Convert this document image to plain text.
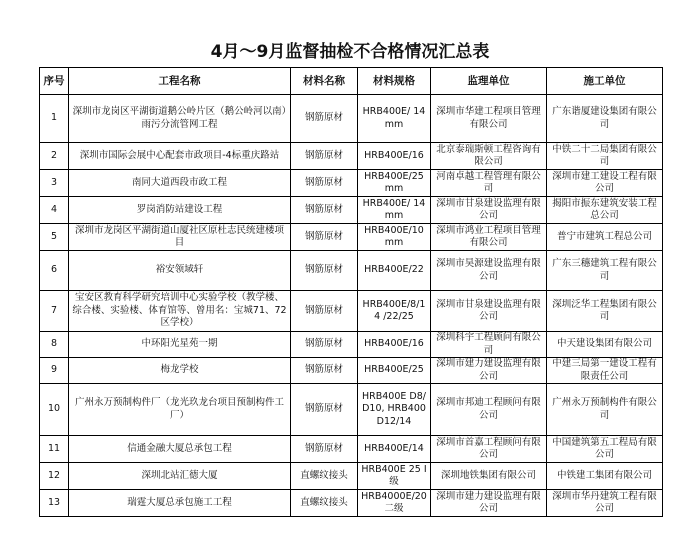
4月～9月监督抽检不合格情况汇总表
序号	工程名称	材料名称	材料规格	监理单位	施工单位
1	深圳市龙岗区平湖街道鹅公岭片区（鹅公岭河以南）雨污分流管网工程	钢筋原材	HRB400E/ 14mm	深圳市华建工程项目管理有限公司	广东谐厦建设集团有限公司
2	深圳市国际会展中心配套市政项目-4标重庆路站	钢筋原材	HRB400E/16	北京泰瑞斯顿工程咨询有限公司	中铁二十二局集团有限公司
3	南同大道西段市政工程	钢筋原材	HRB400E/25mm	河南卓越工程管理有限公司	深圳市建工建设工程有限公司
4	罗岗消防站建设工程	钢筋原材	HRB400E/ 14mm	深圳市甘泉建设监理有限公司	揭阳市振东建筑安装工程总公司
5	深圳市龙岗区平湖街道山厦社区原杜志民统建楼项目	钢筋原材	HRB400E/10mm	深圳市鸿业工程项目管理有限公司	普宁市建筑工程总公司
6	裕安领域轩	钢筋原材	HRB400E/22	深圳市昊源建设监理有限公司	广东三穗建筑工程有限公司
7	宝安区教育科学研究培训中心实验学校（教学楼、综合楼、实验楼、体育馆等、曾用名：宝城71、72区学校）	钢筋原材	HRB400E/8/14 /22/25	深圳市甘泉建设监理有限公司	深圳泛华工程集团有限公司
8	中环阳光星苑一期	钢筋原材	HRB400E/16	深圳科宇工程顾问有限公司	中天建设集团有限公司
9	梅龙学校	钢筋原材	HRB400E/25	深圳市建力建设监理有限公司	中建三局第一建设工程有限责任公司
10	广州永万预制构件厂（龙光玖龙台项目预制构件工厂）	钢筋原材	HRB400E D8/D10, HRB400 D12/14	深圳市邦迪工程顾问有限公司	广州永万预制构件有限公司
11	信通金融大厦总承包工程	钢筋原材	HRB400E/14	深圳市首嘉工程顾问有限公司	中国建筑第五工程局有限公司
12	深圳北站汇德大厦	直螺纹接头	HRB400E 25 I 级	深圳地铁集团有限公司	中铁建工集团有限公司
13	瑞霆大厦总承包施工工程	直螺纹接头	HRB4000E/20 二级	深圳市建力建设监理有限公司	深圳市华丹建筑工程有限公司
